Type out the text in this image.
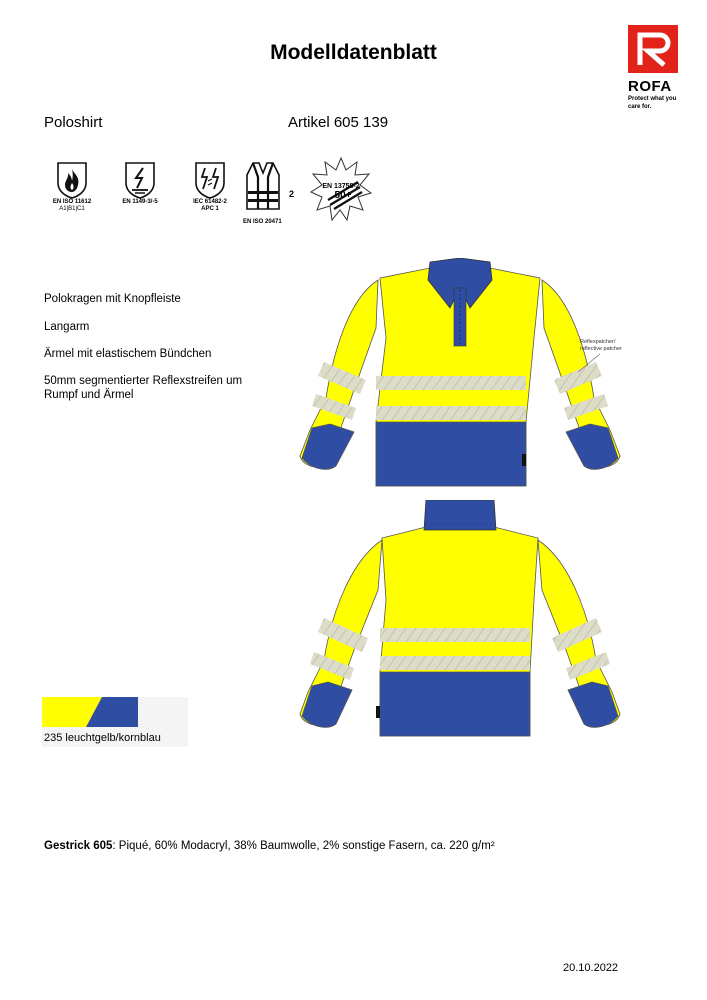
Modelldatenblatt
ROFA
Protect what you
care for.
Poloshirt	Artikel 605 139
EN ISO 11612
A1|B1|C1
EN 1149-3/-5	IEC 61482-2
APC 1
2
EN ISO 20471
EN 13758-2
50+
Polokragen mit Knopfleiste
Langarm
Ärmel mit elastischem Bündchen
50mm segmentierter Reflexstreifen um Rumpf und Ärmel
Reflexpatcher/
reflective patcher
235 leuchtgelb/kornblau
Gestrick 605: Piqué, 60% Modacryl, 38% Baumwolle, 2% sonstige Fasern, ca. 220 g/m²
20.10.2022
